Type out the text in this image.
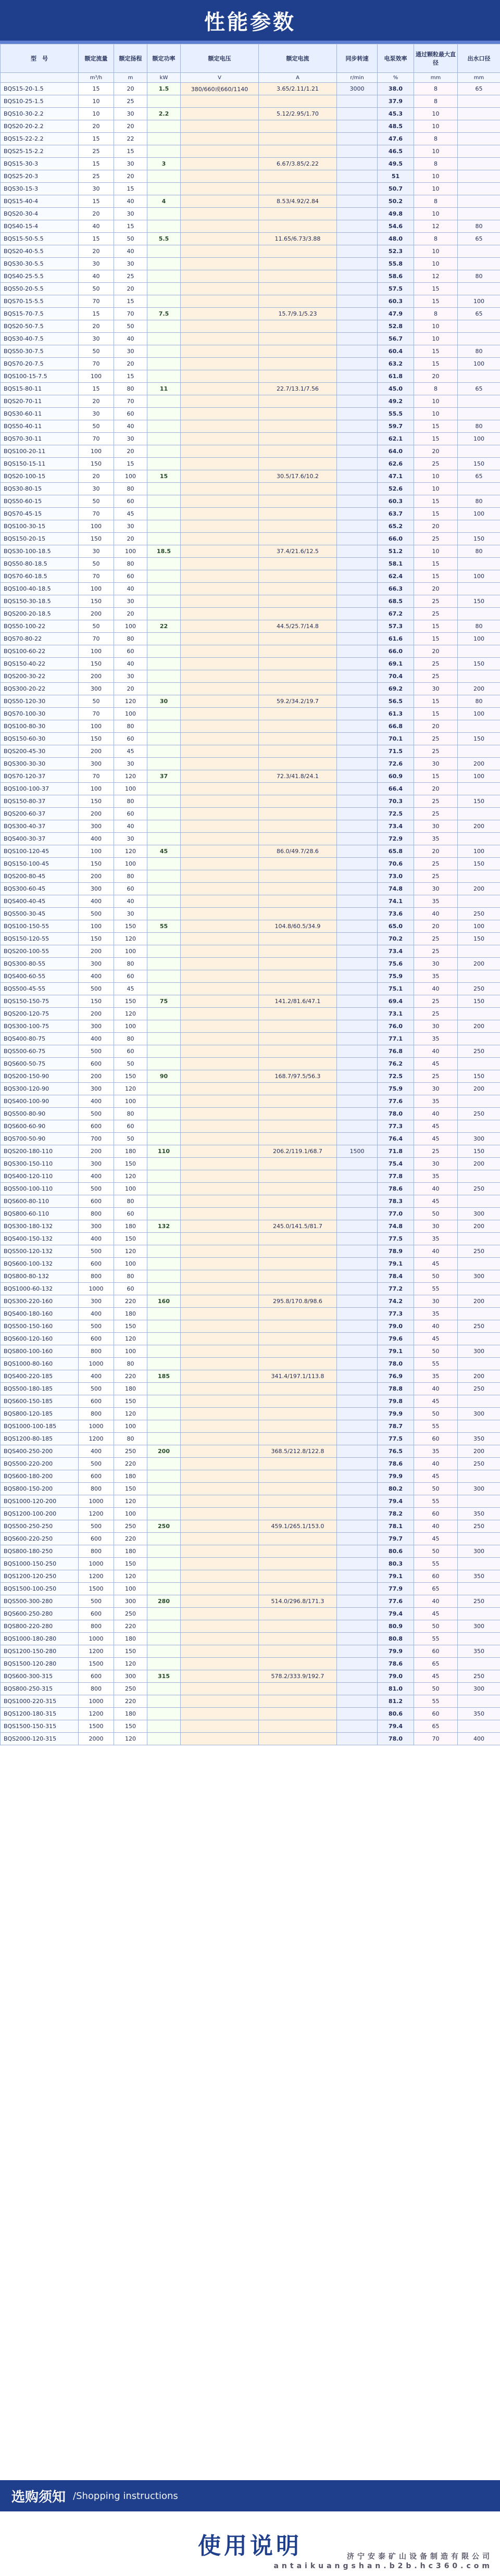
性能参数
型　号	额定流量	额定扬程	额定功率	额定电压	额定电流	同步转速	电泵效率	通过颗粒最大直径	出水口径
	m³/h	m	kW	V	A	r/min	%	mm	mm
BQS15-20-1.5	15	20	1.5	380/660或660/1140	3.65/2.11/1.21	3000	38.0	8	65
BQS10-25-1.5	10	25					37.9	8	
BQS10-30-2.2	10	30	2.2		5.12/2.95/1.70		45.3	10	
BQS20-20-2.2	20	20					48.5	10	
BQS15-22-2.2	15	22					47.6	8	
BQS25-15-2.2	25	15					46.5	10	
BQS15-30-3	15	30	3		6.67/3.85/2.22		49.5	8	
BQS25-20-3	25	20					51	10	
BQS30-15-3	30	15					50.7	10	
BQS15-40-4	15	40	4		8.53/4.92/2.84		50.2	8	
BQS20-30-4	20	30					49.8	10	
BQS40-15-4	40	15					54.6	12	80
BQS15-50-5.5	15	50	5.5		11.65/6.73/3.88		48.0	8	65
BQS20-40-5.5	20	40					52.3	10	
BQS30-30-5.5	30	30					55.8	10	
BQS40-25-5.5	40	25					58.6	12	80
BQS50-20-5.5	50	20					57.5	15	
BQS70-15-5.5	70	15					60.3	15	100
BQS15-70-7.5	15	70	7.5		15.7/9.1/5.23		47.9	8	65
BQS20-50-7.5	20	50					52.8	10	
BQS30-40-7.5	30	40					56.7	10	
BQS50-30-7.5	50	30					60.4	15	80
BQS70-20-7.5	70	20					63.2	15	100
BQS100-15-7.5	100	15					61.8	20	
BQS15-80-11	15	80	11		22.7/13.1/7.56		45.0	8	65
BQS20-70-11	20	70					49.2	10	
BQS30-60-11	30	60					55.5	10	
BQS50-40-11	50	40					59.7	15	80
BQS70-30-11	70	30					62.1	15	100
BQS100-20-11	100	20					64.0	20	
BQS150-15-11	150	15					62.6	25	150
BQS20-100-15	20	100	15		30.5/17.6/10.2		47.1	10	65
BQS30-80-15	30	80					52.6	10	
BQS50-60-15	50	60					60.3	15	80
BQS70-45-15	70	45					63.7	15	100
BQS100-30-15	100	30					65.2	20	
BQS150-20-15	150	20					66.0	25	150
BQS30-100-18.5	30	100	18.5		37.4/21.6/12.5		51.2	10	80
BQS50-80-18.5	50	80					58.1	15	
BQS70-60-18.5	70	60					62.4	15	100
BQS100-40-18.5	100	40					66.3	20	
BQS150-30-18.5	150	30					68.5	25	150
BQS200-20-18.5	200	20					67.2	25	
BQS50-100-22	50	100	22		44.5/25.7/14.8		57.3	15	80
BQS70-80-22	70	80					61.6	15	100
BQS100-60-22	100	60					66.0	20	
BQS150-40-22	150	40					69.1	25	150
BQS200-30-22	200	30					70.4	25	
BQS300-20-22	300	20					69.2	30	200
BQS50-120-30	50	120	30		59.2/34.2/19.7		56.5	15	80
BQS70-100-30	70	100					61.3	15	100
BQS100-80-30	100	80					66.8	20	
BQS150-60-30	150	60					70.1	25	150
BQS200-45-30	200	45					71.5	25	
BQS300-30-30	300	30					72.6	30	200
BQS70-120-37	70	120	37		72.3/41.8/24.1		60.9	15	100
BQS100-100-37	100	100					66.4	20	
BQS150-80-37	150	80					70.3	25	150
BQS200-60-37	200	60					72.5	25	
BQS300-40-37	300	40					73.4	30	200
BQS400-30-37	400	30					72.9	35	
BQS100-120-45	100	120	45		86.0/49.7/28.6		65.8	20	100
BQS150-100-45	150	100					70.6	25	150
BQS200-80-45	200	80					73.0	25	
BQS300-60-45	300	60					74.8	30	200
BQS400-40-45	400	40					74.1	35	
BQS500-30-45	500	30					73.6	40	250
BQS100-150-55	100	150	55		104.8/60.5/34.9		65.0	20	100
BQS150-120-55	150	120					70.2	25	150
BQS200-100-55	200	100					73.4	25	
BQS300-80-55	300	80					75.6	30	200
BQS400-60-55	400	60					75.9	35	
BQS500-45-55	500	45					75.1	40	250
BQS150-150-75	150	150	75		141.2/81.6/47.1		69.4	25	150
BQS200-120-75	200	120					73.1	25	
BQS300-100-75	300	100					76.0	30	200
BQS400-80-75	400	80					77.1	35	
BQS500-60-75	500	60					76.8	40	250
BQS600-50-75	600	50					76.2	45	
BQS200-150-90	200	150	90		168.7/97.5/56.3		72.5	25	150
BQS300-120-90	300	120					75.9	30	200
BQS400-100-90	400	100					77.6	35	
BQS500-80-90	500	80					78.0	40	250
BQS600-60-90	600	60					77.3	45	
BQS700-50-90	700	50					76.4	45	300
BQS200-180-110	200	180	110		206.2/119.1/68.7	1500	71.8	25	150
BQS300-150-110	300	150					75.4	30	200
BQS400-120-110	400	120					77.8	35	
BQS500-100-110	500	100					78.6	40	250
BQS600-80-110	600	80					78.3	45	
BQS800-60-110	800	60					77.0	50	300
BQS300-180-132	300	180	132		245.0/141.5/81.7		74.8	30	200
BQS400-150-132	400	150					77.5	35	
BQS500-120-132	500	120					78.9	40	250
BQS600-100-132	600	100					79.1	45	
BQS800-80-132	800	80					78.4	50	300
BQS1000-60-132	1000	60					77.2	55	
BQS300-220-160	300	220	160		295.8/170.8/98.6		74.2	30	200
BQS400-180-160	400	180					77.3	35	
BQS500-150-160	500	150					79.0	40	250
BQS600-120-160	600	120					79.6	45	
BQS800-100-160	800	100					79.1	50	300
BQS1000-80-160	1000	80					78.0	55	
BQS400-220-185	400	220	185		341.4/197.1/113.8		76.9	35	200
BQS500-180-185	500	180					78.8	40	250
BQS600-150-185	600	150					79.8	45	
BQS800-120-185	800	120					79.9	50	300
BQS1000-100-185	1000	100					78.7	55	
BQS1200-80-185	1200	80					77.5	60	350
BQS400-250-200	400	250	200		368.5/212.8/122.8		76.5	35	200
BQS500-220-200	500	220					78.6	40	250
BQS600-180-200	600	180					79.9	45	
BQS800-150-200	800	150					80.2	50	300
BQS1000-120-200	1000	120					79.4	55	
BQS1200-100-200	1200	100					78.2	60	350
BQS500-250-250	500	250	250		459.1/265.1/153.0		78.1	40	250
BQS600-220-250	600	220					79.7	45	
BQS800-180-250	800	180					80.6	50	300
BQS1000-150-250	1000	150					80.3	55	
BQS1200-120-250	1200	120					79.1	60	350
BQS1500-100-250	1500	100					77.9	65	
BQS500-300-280	500	300	280		514.0/296.8/171.3		77.6	40	250
BQS600-250-280	600	250					79.4	45	
BQS800-220-280	800	220					80.9	50	300
BQS1000-180-280	1000	180					80.8	55	
BQS1200-150-280	1200	150					79.9	60	350
BQS1500-120-280	1500	120					78.6	65	
BQS600-300-315	600	300	315		578.2/333.9/192.7		79.0	45	250
BQS800-250-315	800	250					81.0	50	300
BQS1000-220-315	1000	220					81.2	55	
BQS1200-180-315	1200	180					80.6	60	350
BQS1500-150-315	1500	150					79.4	65	
BQS2000-120-315	2000	120					78.0	70	400
选购须知 /Shopping instructions
使用说明	济宁安泰矿山设备制造有限公司
antaikuangshan.b2b.hc360.com
